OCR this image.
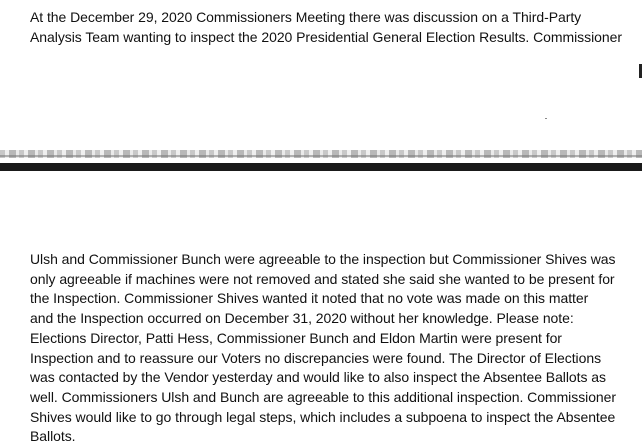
At the December 29, 2020 Commissioners Meeting there was discussion on a Third-Party
Analysis Team wanting to inspect the 2020 Presidential General Election Results. Commissioner
Ulsh and Commissioner Bunch were agreeable to the inspection but Commissioner Shives was
only agreeable if machines were not removed and stated she said she wanted to be present for
the Inspection. Commissioner Shives wanted it noted that no vote was made on this matter
and the Inspection occurred on December 31, 2020 without her knowledge. Please note:
Elections Director, Patti Hess, Commissioner Bunch and Eldon Martin were present for
Inspection and to reassure our Voters no discrepancies were found. The Director of Elections
was contacted by the Vendor yesterday and would like to also inspect the Absentee Ballots as
well. Commissioners Ulsh and Bunch are agreeable to this additional inspection. Commissioner
Shives would like to go through legal steps, which includes a subpoena to inspect the Absentee
Ballots.
